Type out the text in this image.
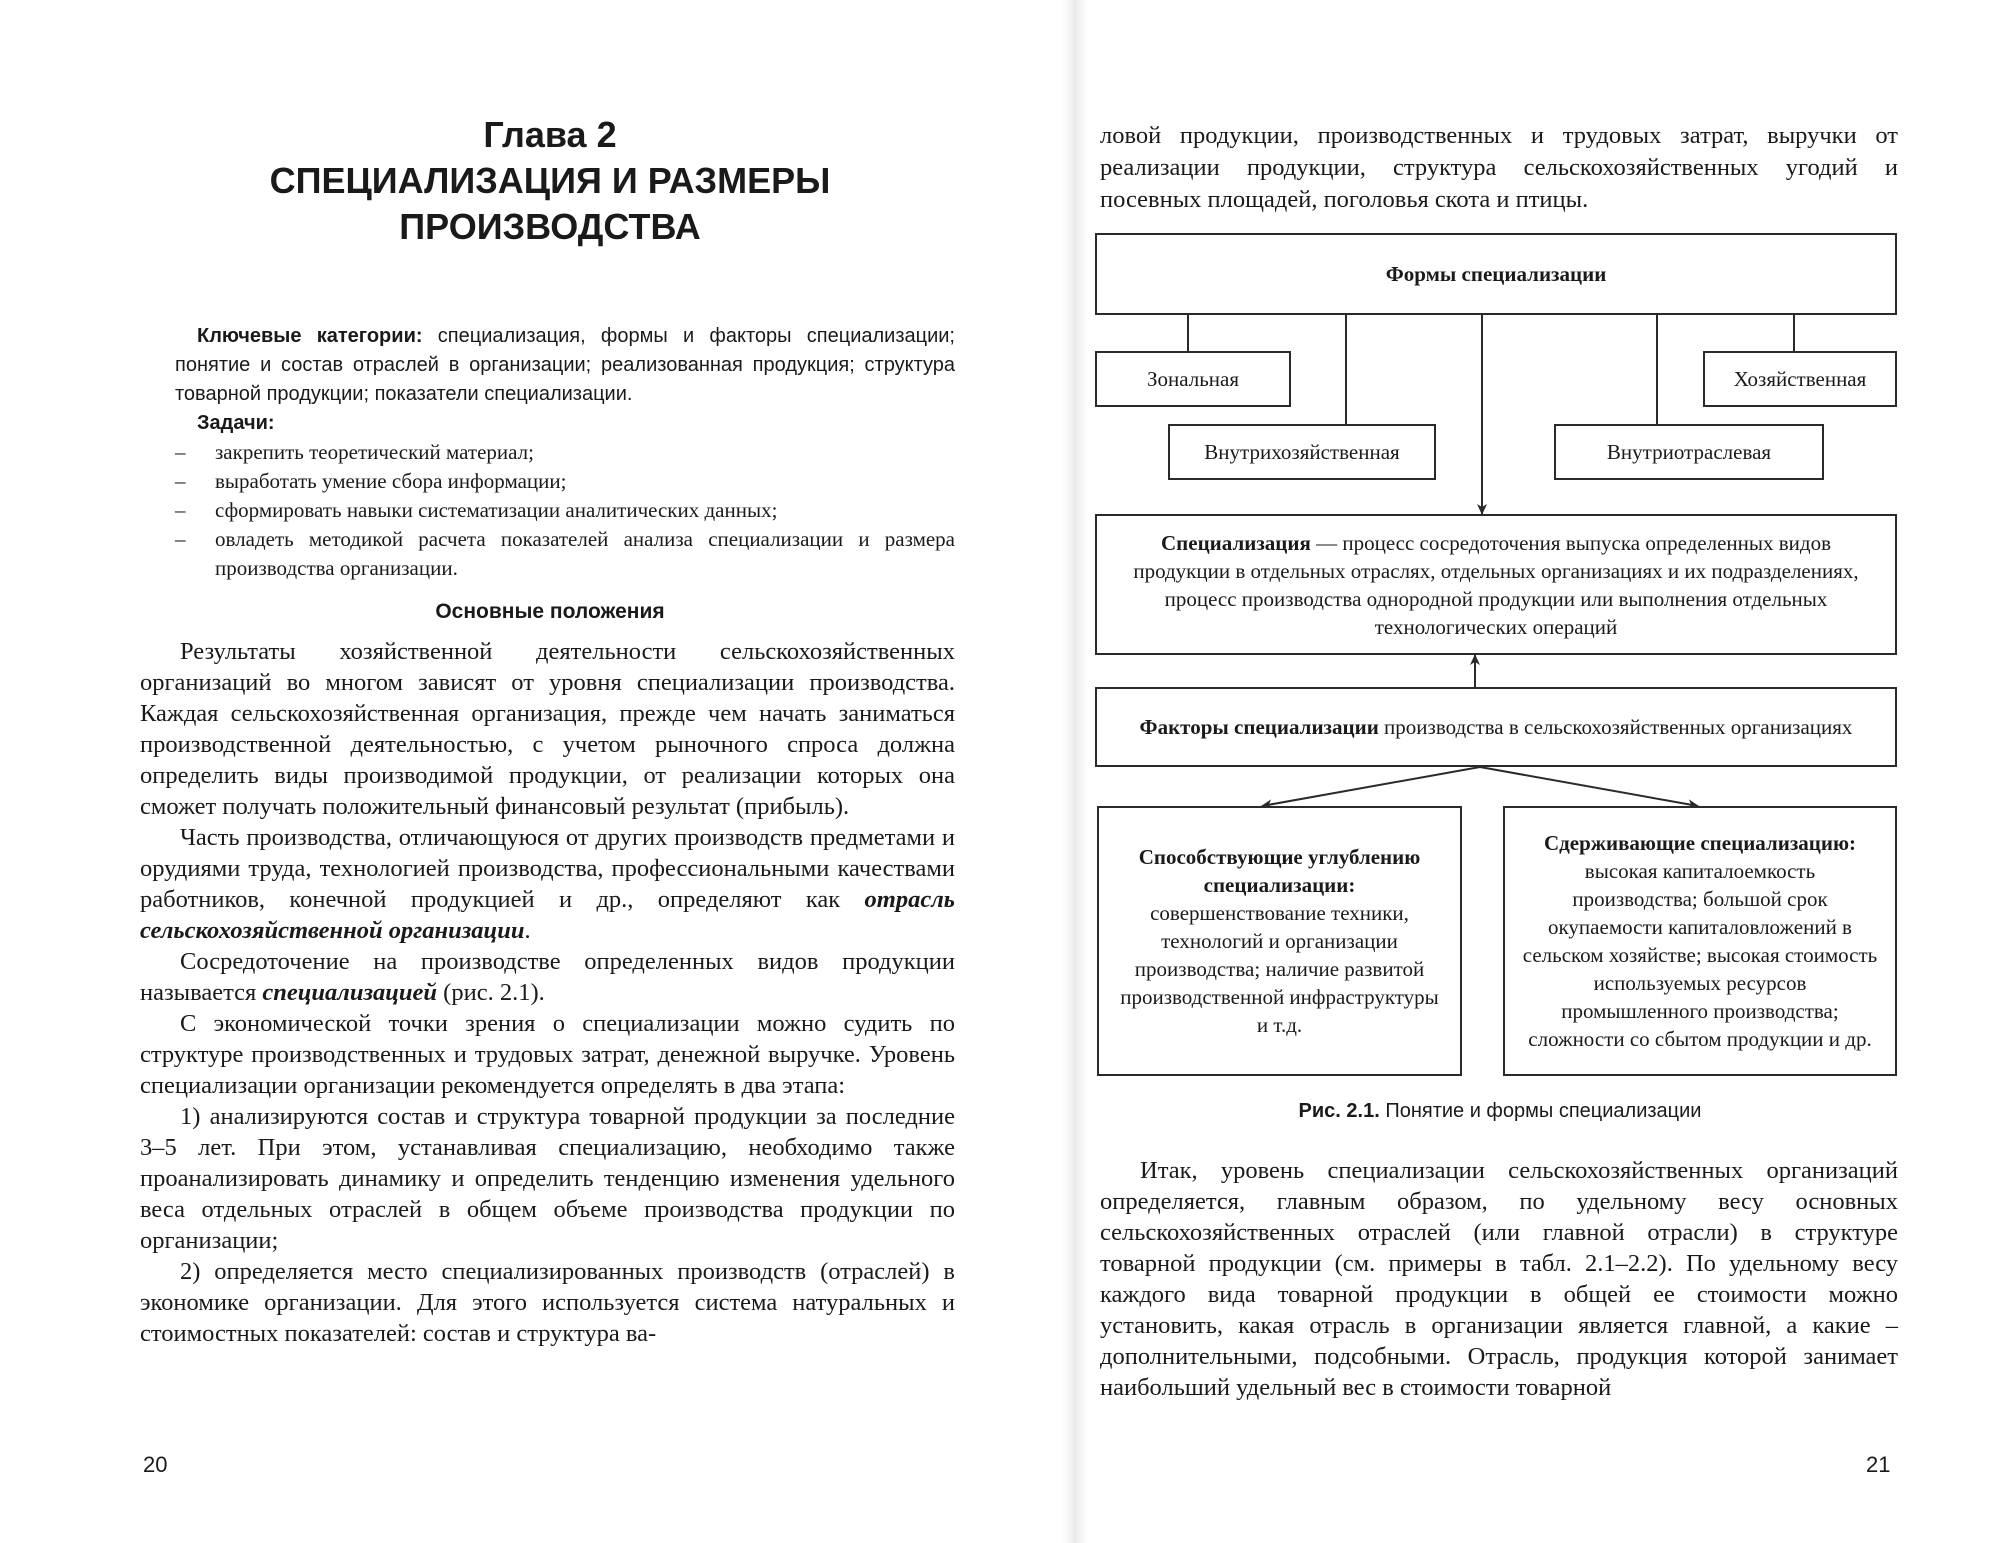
Глава 2
СПЕЦИАЛИЗАЦИЯ И РАЗМЕРЫ
ПРОИЗВОДСТВА
Ключевые категории: специализация, формы и факторы специализации; понятие и состав отраслей в организации; реализованная продукция; структура товарной продукции; показатели специализации.
Задачи:
– закрепить теоретический материал;
– выработать умение сбора информации;
– сформировать навыки систематизации аналитических данных;
– овладеть методикой расчета показателей анализа специализации и размера производства организации.
Основные положения

Результаты хозяйственной деятельности сельскохозяйственных организаций во многом зависят от уровня специализации производства. Каждая сельскохозяйственная организация, прежде чем начать заниматься производственной деятельностью, с учетом рыночного спроса должна определить виды производимой продукции, от реализации которых она сможет получать положительный финансовый результат (прибыль).

Часть производства, отличающуюся от других производств предметами и орудиями труда, технологией производства, профессиональными качествами работников, конечной продукцией и др., определяют как отрасль сельскохозяйственной организации.

Сосредоточение на производстве определенных видов продукции называется специализацией (рис. 2.1).

С экономической точки зрения о специализации можно судить по структуре производственных и трудовых затрат, денежной выручке. Уровень специализации организации рекомендуется определять в два этапа:

1) анализируются состав и структура товарной продукции за последние 3–5 лет. При этом, устанавливая специализацию, необходимо также проанализировать динамику и определить тенденцию изменения удельного веса отдельных отраслей в общем объеме производства продукции по организации;

2) определяется место специализированных производств (отраслей) в экономике организации. Для этого используется система натуральных и стоимостных показателей: состав и структура ва-

20

ловой продукции, производственных и трудовых затрат, выручки от реализации продукции, структура сельскохозяйственных угодий и посевных площадей, поголовья скота и птицы.

Формы специализации
Зональная	Хозяйственная
Внутрихозяйственная	Внутриотраслевая
Специализация — процесс сосредоточения выпуска определенных видов продукции в отдельных отраслях, отдельных организациях и их подразделениях, процесс производства однородной продукции или выполнения отдельных технологических операций
Факторы специализации производства в сельскохозяйственных организациях
Способствующие углублению специализации:
совершенствование техники, технологий и организации производства; наличие развитой производственной инфраструктуры и т.д.
Сдерживающие специализацию:
высокая капиталоемкость производства; большой срок окупаемости капиталовложений в сельском хозяйстве; высокая стоимость используемых ресурсов промышленного производства; сложности со сбытом продукции и др.
Рис. 2.1. Понятие и формы специализации

Итак, уровень специализации сельскохозяйственных организаций определяется, главным образом, по удельному весу основных сельскохозяйственных отраслей (или главной отрасли) в структуре товарной продукции (см. примеры в табл. 2.1–2.2). По удельному весу каждого вида товарной продукции в общей ее стоимости можно установить, какая отрасль в организации является главной, а какие – дополнительными, подсобными. Отрасль, продукция которой занимает наибольший удельный вес в стоимости товарной

21
